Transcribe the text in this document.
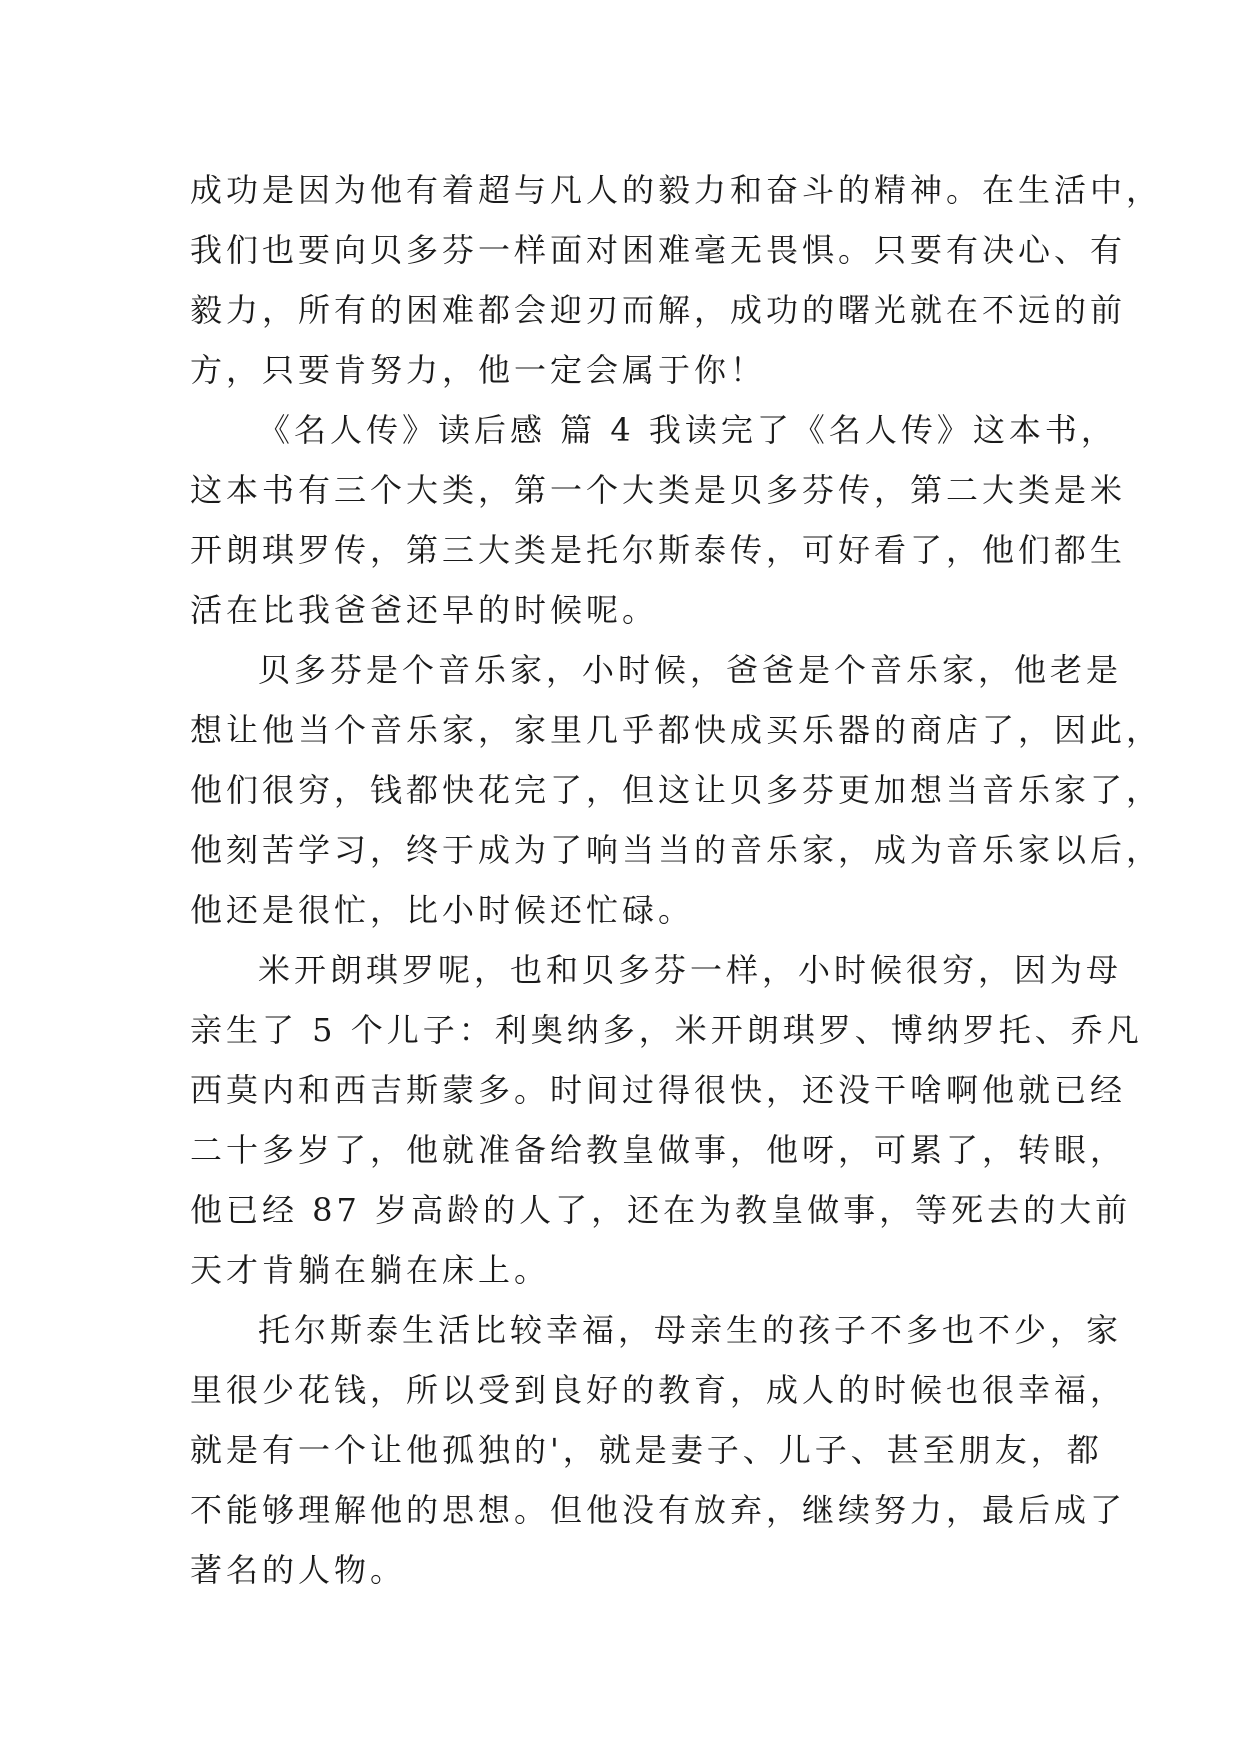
成功是因为他有着超与凡人的毅力和奋斗的精神。在生活中，
我们也要向贝多芬一样面对困难毫无畏惧。只要有决心、有
毅力，所有的困难都会迎刃而解，成功的曙光就在不远的前
方，只要肯努力，他一定会属于你！
《名人传》读后感 篇 4 我读完了《名人传》这本书，
这本书有三个大类，第一个大类是贝多芬传，第二大类是米
开朗琪罗传，第三大类是托尔斯泰传，可好看了，他们都生
活在比我爸爸还早的时候呢。
贝多芬是个音乐家，小时候，爸爸是个音乐家，他老是
想让他当个音乐家，家里几乎都快成买乐器的商店了，因此，
他们很穷，钱都快花完了，但这让贝多芬更加想当音乐家了，
他刻苦学习，终于成为了响当当的音乐家，成为音乐家以后，
他还是很忙，比小时候还忙碌。
米开朗琪罗呢，也和贝多芬一样，小时候很穷，因为母
亲生了 5 个儿子：利奥纳多，米开朗琪罗、博纳罗托、乔凡
西莫内和西吉斯蒙多。时间过得很快，还没干啥啊他就已经
二十多岁了，他就准备给教皇做事，他呀，可累了，转眼，
他已经 87 岁高龄的人了，还在为教皇做事，等死去的大前
天才肯躺在躺在床上。
托尔斯泰生活比较幸福，母亲生的孩子不多也不少，家
里很少花钱，所以受到良好的教育，成人的时候也很幸福，
就是有一个让他孤独的'，就是妻子、儿子、甚至朋友，都
不能够理解他的思想。但他没有放弃，继续努力，最后成了
著名的人物。
